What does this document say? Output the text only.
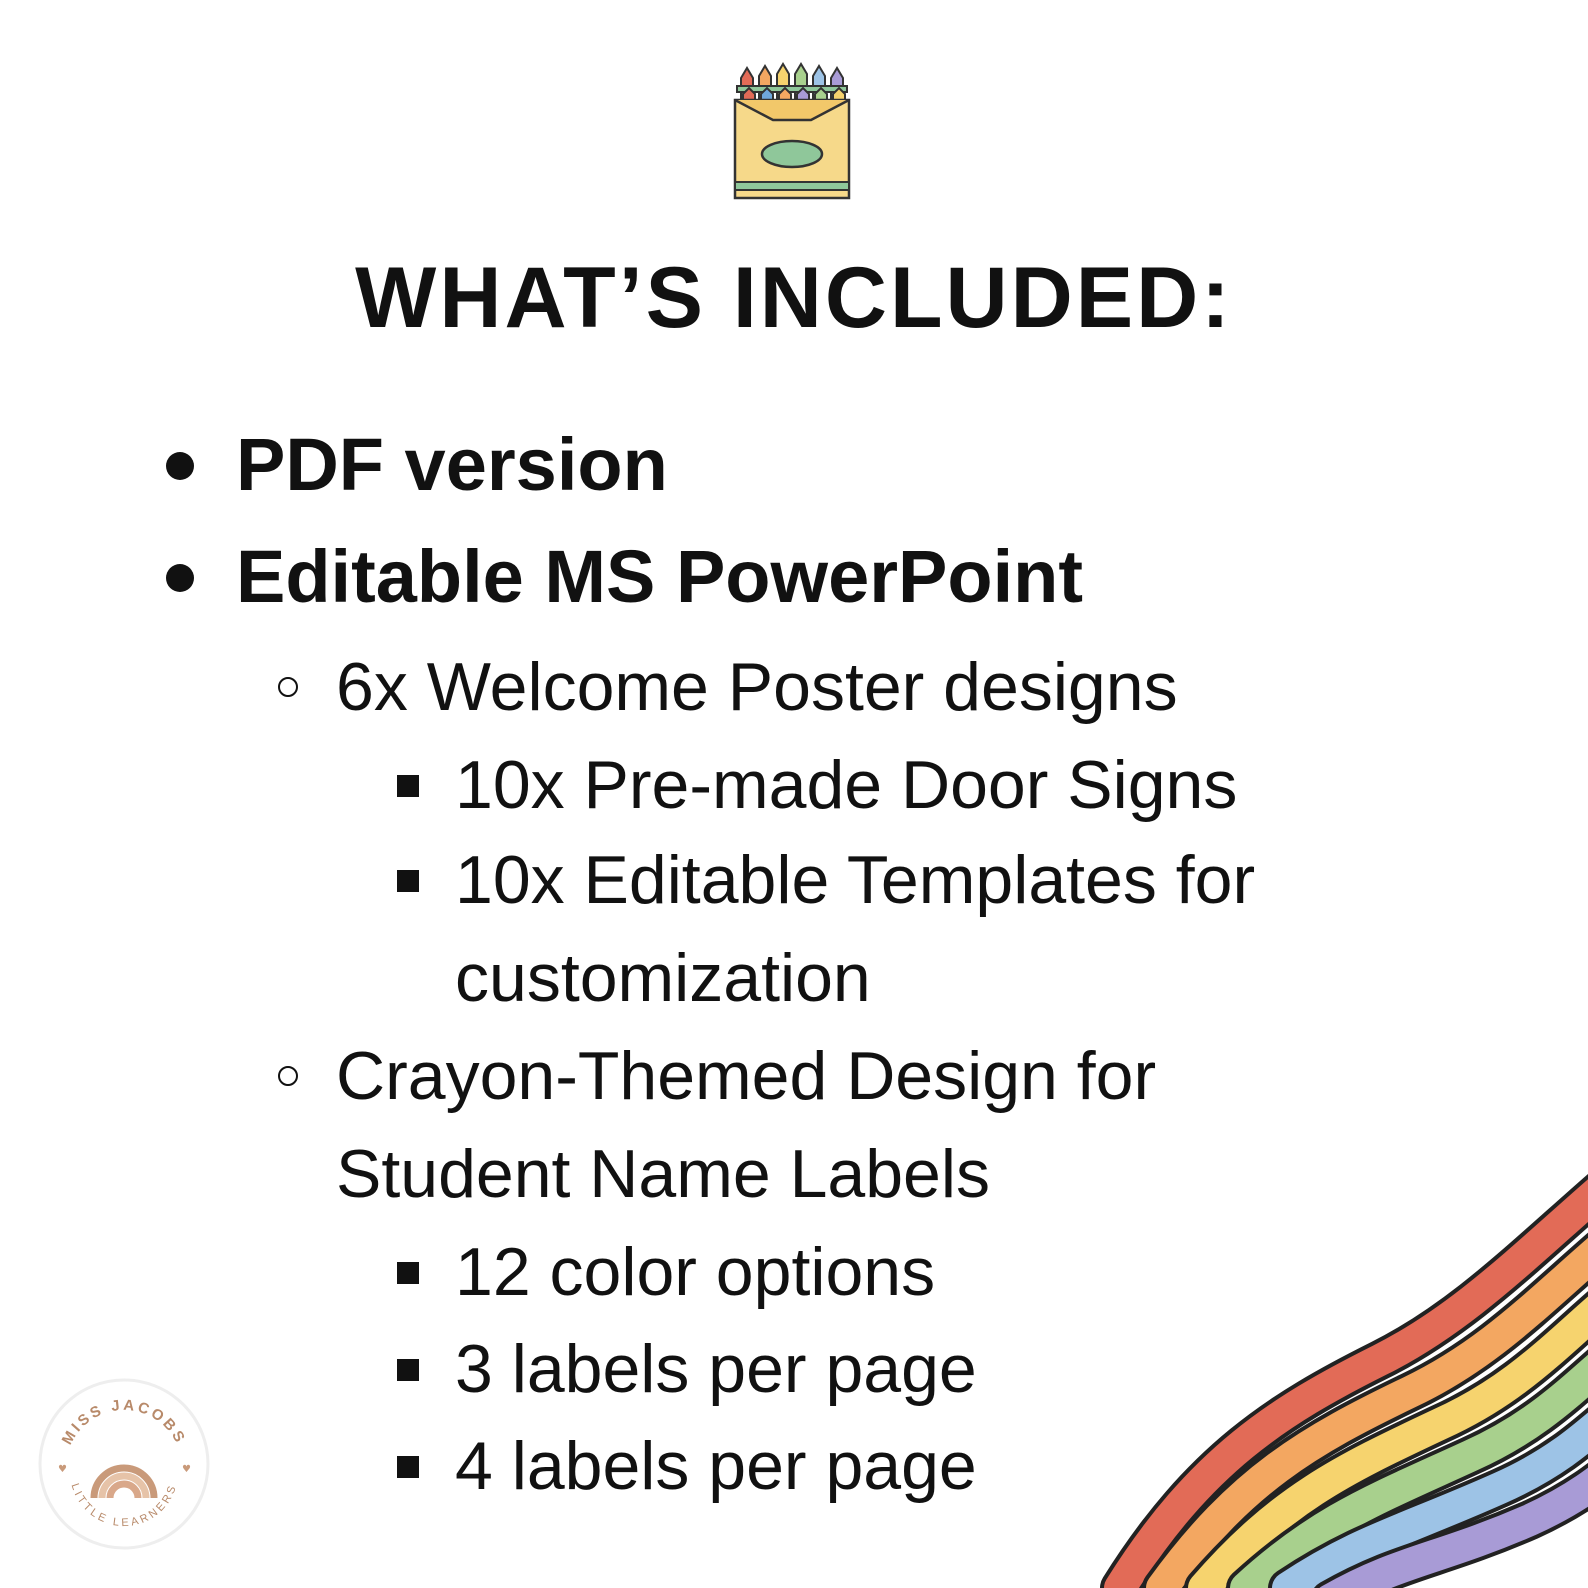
WHAT’S INCLUDED:
PDF version
Editable MS PowerPoint
6x Welcome Poster designs
10x Pre-made Door Signs
10x Editable Templates for
customization
Crayon-Themed Design for
Student Name Labels
12 color options
3 labels per page
4 labels per page
MISS JACOBS
LITTLE LEARNERS
♥	♥
